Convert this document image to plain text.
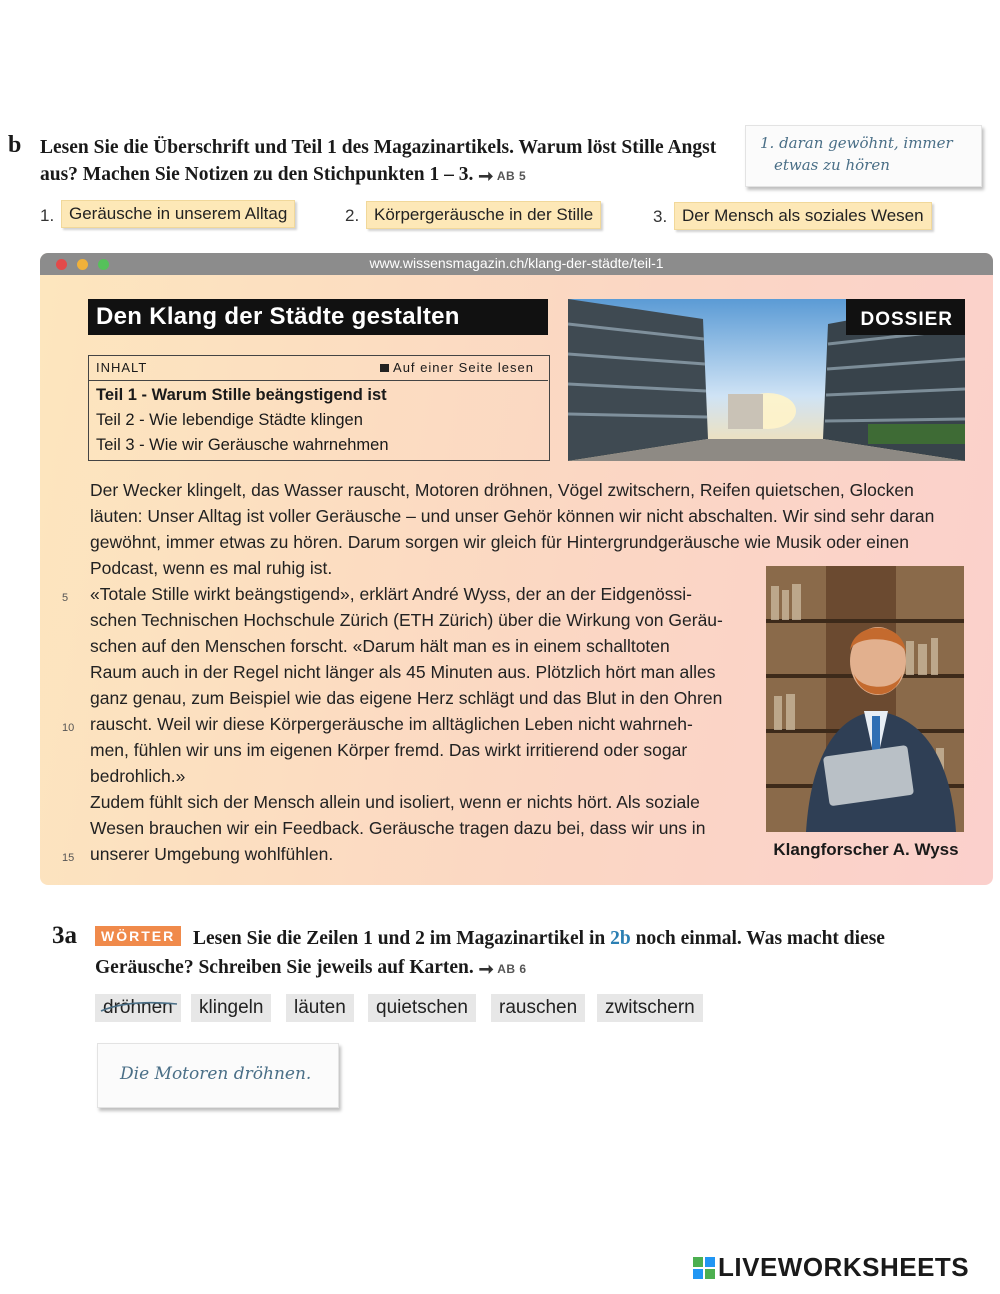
b Lesen Sie die Überschrift und Teil 1 des Magazinartikels. Warum löst Stille Angst aus? Machen Sie Notizen zu den Stichpunkten 1 – 3. ➞ AB 5
1. daran gewöhnt, immer
etwas zu hören
1. Geräusche in unserem Alltag	2. Körpergeräusche in der Stille	3. Der Mensch als soziales Wesen
www.wissensmagazin.ch/klang-der-städte/teil-1
Den Klang der Städte gestalten
INHALT	Auf einer Seite lesen
Teil 1 - Warum Stille beängstigend ist
Teil 2 - Wie lebendige Städte klingen
Teil 3 - Wie wir Geräusche wahrnehmen
DOSSIER
Der Wecker klingelt, das Wasser rauscht, Motoren dröhnen, Vögel zwitschern, Reifen quietschen, Glocken läuten: Unser Alltag ist voller Geräusche – und unser Gehör können wir nicht abschalten. Wir sind sehr daran gewöhnt, immer etwas zu hören. Darum sorgen wir gleich für Hintergrundgeräusche wie Musik oder einen Podcast, wenn es mal ruhig ist.
5 «Totale Stille wirkt beängstigend», erklärt André Wyss, der an der Eidgenössi-
schen Technischen Hochschule Zürich (ETH Zürich) über die Wirkung von Geräu-
schen auf den Menschen forscht. «Darum hält man es in einem schalltoten
Raum auch in der Regel nicht länger als 45 Minuten aus. Plötzlich hört man alles
ganz genau, zum Beispiel wie das eigene Herz schlägt und das Blut in den Ohren
10 rauscht. Weil wir diese Körpergeräusche im alltäglichen Leben nicht wahrneh-
men, fühlen wir uns im eigenen Körper fremd. Das wirkt irritierend oder sogar
bedrohlich.»
Zudem fühlt sich der Mensch allein und isoliert, wenn er nichts hört. Als soziale
Wesen brauchen wir ein Feedback. Geräusche tragen dazu bei, dass wir uns in
15 unserer Umgebung wohlfühlen.	Klangforscher A. Wyss
3a	Lesen Sie die Zeilen 1 und 2 im Magazinartikel in 2b noch einmal. Was macht diese Geräusche? Schreiben Sie jeweils auf Karten. ➞ AB 6
WÖRTER
dröhnen	klingeln	läuten	quietschen	rauschen	zwitschern
Die Motoren dröhnen.
LIVEWORKSHEETS
